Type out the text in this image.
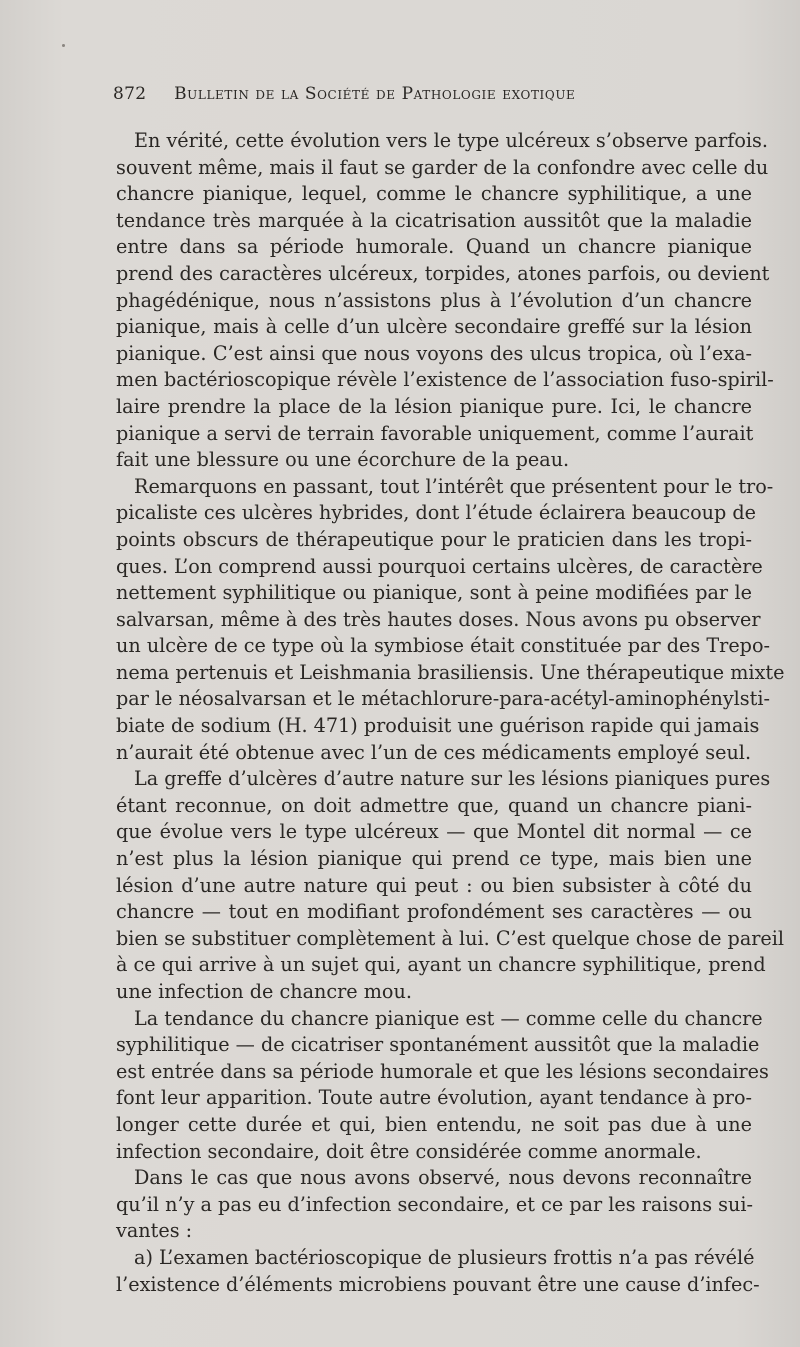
872 Bulletin de la Société de Pathologie exotique
En vérité, cette évolution vers le type ulcéreux s’observe parfois.
souvent même, mais il faut se garder de la confondre avec celle du
chancre pianique, lequel, comme le chancre syphilitique, a une
tendance très marquée à la cicatrisation aussitôt que la maladie
entre dans sa période humorale. Quand un chancre pianique
prend des caractères ulcéreux, torpides, atones parfois, ou devient
phagédénique, nous n’assistons plus à l’évolution d’un chancre
pianique, mais à celle d’un ulcère secondaire greffé sur la lésion
pianique. C’est ainsi que nous voyons des ulcus tropica, où l’exa-
men bactérioscopique révèle l’existence de l’association fuso-spiril-
laire prendre la place de la lésion pianique pure. Ici, le chancre
pianique a servi de terrain favorable uniquement, comme l’aurait
fait une blessure ou une écorchure de la peau.
Remarquons en passant, tout l’intérêt que présentent pour le tro-
picaliste ces ulcères hybrides, dont l’étude éclairera beaucoup de
points obscurs de thérapeutique pour le praticien dans les tropi-
ques. L’on comprend aussi pourquoi certains ulcères, de caractère
nettement syphilitique ou pianique, sont à peine modifiées par le
salvarsan, même à des très hautes doses. Nous avons pu observer
un ulcère de ce type où la symbiose était constituée par des Trepo-
nema pertenuis et Leishmania brasiliensis. Une thérapeutique mixte
par le néosalvarsan et le métachlorure-para-acétyl-aminophénylsti-
biate de sodium (H. 471) produisit une guérison rapide qui jamais
n’aurait été obtenue avec l’un de ces médicaments employé seul.
La greffe d’ulcères d’autre nature sur les lésions pianiques pures
étant reconnue, on doit admettre que, quand un chancre piani-
que évolue vers le type ulcéreux — que Montel dit normal — ce
n’est plus la lésion pianique qui prend ce type, mais bien une
lésion d’une autre nature qui peut : ou bien subsister à côté du
chancre — tout en modifiant profondément ses caractères — ou
bien se substituer complètement à lui. C’est quelque chose de pareil
à ce qui arrive à un sujet qui, ayant un chancre syphilitique, prend
une infection de chancre mou.
La tendance du chancre pianique est — comme celle du chancre
syphilitique — de cicatriser spontanément aussitôt que la maladie
est entrée dans sa période humorale et que les lésions secondaires
font leur apparition. Toute autre évolution, ayant tendance à pro-
longer cette durée et qui, bien entendu, ne soit pas due à une
infection secondaire, doit être considérée comme anormale.
Dans le cas que nous avons observé, nous devons reconnaître
qu’il n’y a pas eu d’infection secondaire, et ce par les raisons sui-
vantes :
a) L’examen bactérioscopique de plusieurs frottis n’a pas révélé
l’existence d’éléments microbiens pouvant être une cause d’infec-
